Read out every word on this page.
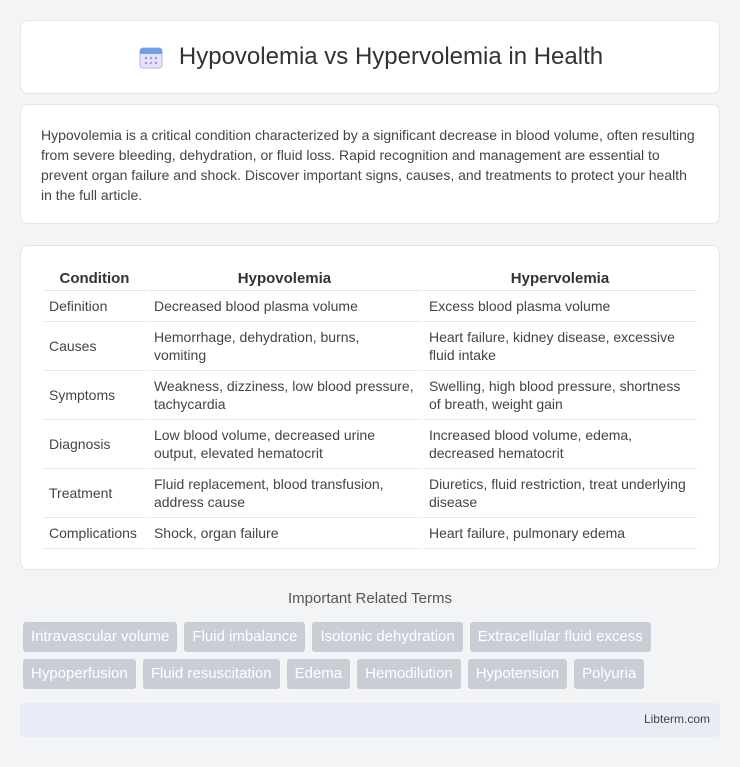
Hypovolemia vs Hypervolemia in Health

Hypovolemia is a critical condition characterized by a significant decrease in blood volume, often resulting from severe bleeding, dehydration, or fluid loss. Rapid recognition and management are essential to prevent organ failure and shock. Discover important signs, causes, and treatments to protect your health in the full article.

Condition	Hypovolemia	Hypervolemia
Definition	Decreased blood plasma volume	Excess blood plasma volume
Causes	Hemorrhage, dehydration, burns, vomiting	Heart failure, kidney disease, excessive fluid intake
Symptoms	Weakness, dizziness, low blood pressure, tachycardia	Swelling, high blood pressure, shortness of breath, weight gain
Diagnosis	Low blood volume, decreased urine output, elevated hematocrit	Increased blood volume, edema, decreased hematocrit
Treatment	Fluid replacement, blood transfusion, address cause	Diuretics, fluid restriction, treat underlying disease
Complications	Shock, organ failure	Heart failure, pulmonary edema
Important Related Terms
Intravascular volume	Fluid imbalance	Isotonic dehydration	Extracellular fluid excess
Hypoperfusion	Fluid resuscitation	Edema	Hemodilution	Hypotension	Polyuria
Libterm.com
